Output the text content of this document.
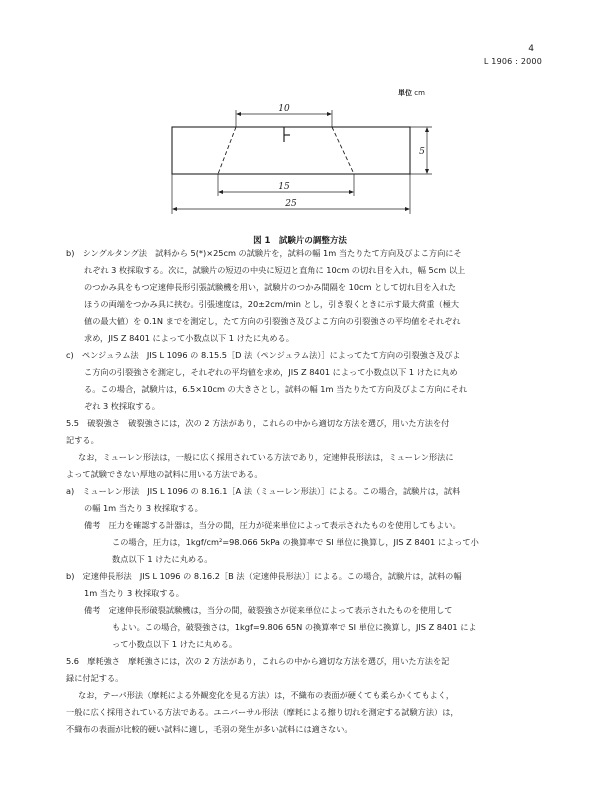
4
L 1906 : 2000
単位 cm
10
15
25
5
図 1　試験片の調整方法
b)　シングルタング法　試料から 5(*)×25cm の試験片を，試料の幅 1m 当たりたて方向及びよこ方向にそ
れぞれ 3 枚採取する。次に，試験片の短辺の中央に短辺と直角に 10cm の切れ目を入れ，幅 5cm 以上
のつかみ具をもつ定速伸長形引張試験機を用い，試験片のつかみ間隔を 10cm として切れ目を入れた
ほうの両端をつかみ具に挟む。引張速度は，20±2cm/min とし，引き裂くときに示す最大荷重（極大
値の最大値）を 0.1N までを測定し，たて方向の引裂強さ及びよこ方向の引裂強さの平均値をそれぞれ
求め，JIS Z 8401 によって小数点以下 1 けたに丸める。
c)　ペンジュラム法　JIS L 1096 の 8.15.5［D 法（ペンジュラム法）］によってたて方向の引裂強さ及びよ
こ方向の引裂強さを測定し，それぞれの平均値を求め，JIS Z 8401 によって小数点以下 1 けたに丸め
る。この場合，試験片は，6.5×10cm の大きさとし，試料の幅 1m 当たりたて方向及びよこ方向にそれ
ぞれ 3 枚採取する。
5.5　破裂強さ　破裂強さには，次の 2 方法があり，これらの中から適切な方法を選び，用いた方法を付
記する。
なお，ミューレン形法は，一般に広く採用されている方法であり，定速伸長形法は，ミューレン形法に
よって試験できない厚地の試料に用いる方法である。
a)　ミューレン形法　JIS L 1096 の 8.16.1［A 法（ミューレン形法）］による。この場合，試験片は，試料
の幅 1m 当たり 3 枚採取する。
備考　圧力を確認する計器は，当分の間，圧力が従来単位によって表示されたものを使用してもよい。
この場合，圧力は，1kgf/cm²=98.066 5kPa の換算率で SI 単位に換算し，JIS Z 8401 によって小
数点以下 1 けたに丸める。
b)　定速伸長形法　JIS L 1096 の 8.16.2［B 法（定速伸長形法）］による。この場合，試験片は，試料の幅
1m 当たり 3 枚採取する。
備考　定速伸長形破裂試験機は，当分の間，破裂強さが従来単位によって表示されたものを使用して
もよい。この場合，破裂強さは，1kgf=9.806 65N の換算率で SI 単位に換算し，JIS Z 8401 によ
って小数点以下 1 けたに丸める。
5.6　摩耗強さ　摩耗強さには，次の 2 方法があり，これらの中から適切な方法を選び，用いた方法を記
録に付記する。
なお，テーパ形法（摩耗による外観変化を見る方法）は，不織布の表面が硬くても柔らかくてもよく，
一般に広く採用されている方法である。ユニバーサル形法（摩耗による擦り切れを測定する試験方法）は，
不織布の表面が比較的硬い試料に適し，毛羽の発生が多い試料には適さない。
